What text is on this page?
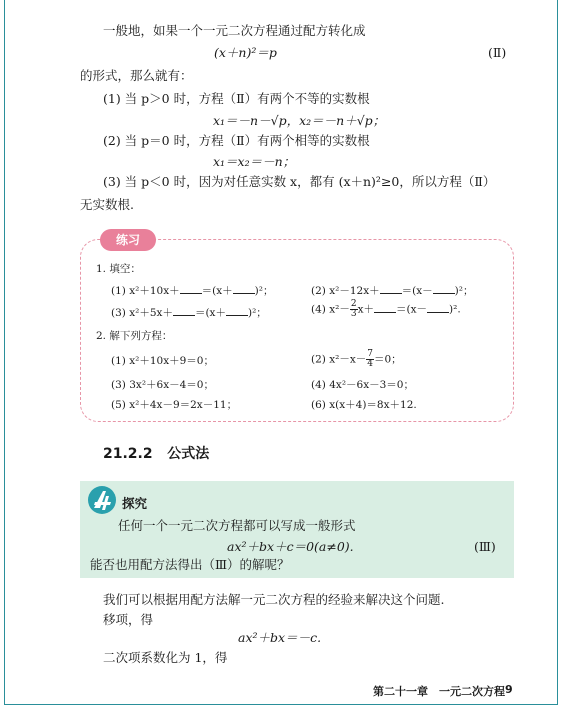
一般地，如果一个一元二次方程通过配方转化成
(x＋n)²＝p	(Ⅱ)
的形式，那么就有：
(1) 当 p＞0 时，方程（Ⅱ）有两个不等的实数根
x₁＝－n－√p，x₂＝－n＋√p；
(2) 当 p＝0 时，方程（Ⅱ）有两个相等的实数根
x₁＝x₂＝－n；
(3) 当 p＜0 时，因为对任意实数 x，都有 (x＋n)²≥0，所以方程（Ⅱ）
无实数根.
练习
1. 填空：
(1) x²＋10x＋ ＝(x＋ )²；	(2) x²－12x＋ ＝(x－ )²；
(3) x²＋5x＋ ＝(x＋ )²；	(4) $x^2- \frac{2}{3} x+ =(x- )^2$.
2. 解下列方程：
(1) x²＋10x＋9＝0；	(2) $x^2-x- \frac{7}{4} =0$；
(3) 3x²＋6x－4＝0；	(4) 4x²－6x－3＝0；
(5) x²＋4x－9＝2x－11；	(6) x(x＋4)＝8x＋12.
21.2.2 公式法
探究
任何一个一元二次方程都可以写成一般形式
ax²＋bx＋c＝0(a≠0).	(Ⅲ)
能否也用配方法得出（Ⅲ）的解呢？
我们可以根据用配方法解一元二次方程的经验来解决这个问题.
移项，得
ax²＋bx＝－c.
二次项系数化为 1，得
第二十一章　一元二次方程 9
